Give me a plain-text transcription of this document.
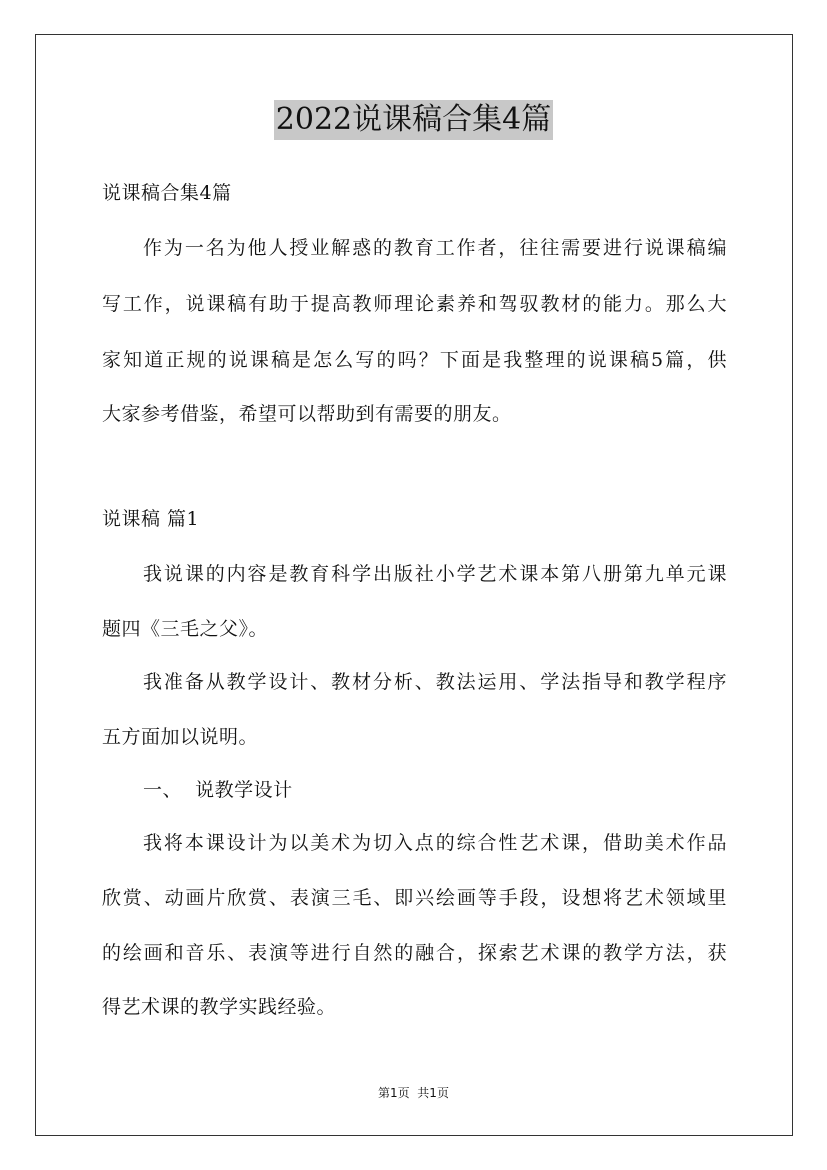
2022说课稿合集4篇
说课稿合集4篇
作为一名为他人授业解惑的教育工作者，往往需要进行说课稿编
写工作，说课稿有助于提高教师理论素养和驾驭教材的能力。那么大
家知道正规的说课稿是怎么写的吗？下面是我整理的说课稿5篇，供
大家参考借鉴，希望可以帮助到有需要的朋友。
说课稿 篇1
我说课的内容是教育科学出版社小学艺术课本第八册第九单元课
题四《三毛之父》。
我准备从教学设计、教材分析、教法运用、学法指导和教学程序
五方面加以说明。
一、  说教学设计
我将本课设计为以美术为切入点的综合性艺术课，借助美术作品
欣赏、动画片欣赏、表演三毛、即兴绘画等手段，设想将艺术领域里
的绘画和音乐、表演等进行自然的融合，探索艺术课的教学方法，获
得艺术课的教学实践经验。
第1页  共1页
